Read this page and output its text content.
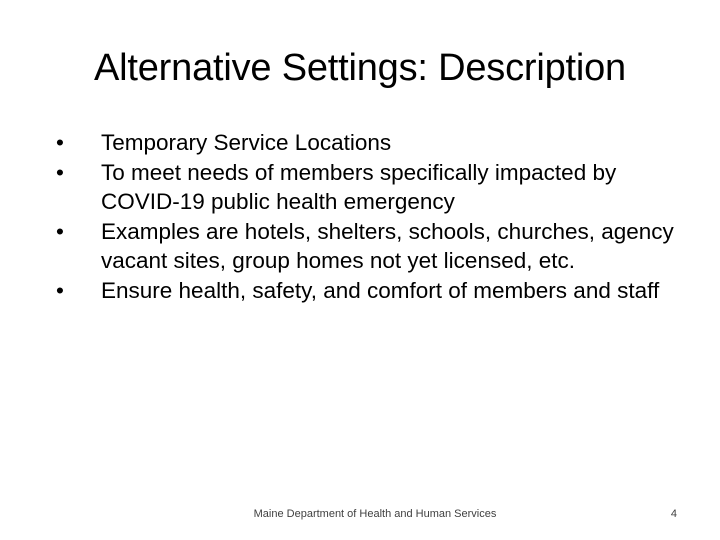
Alternative Settings: Description
•	Temporary Service Locations
•	To meet needs of members specifically impacted by COVID-19 public health emergency
•	Examples are hotels, shelters, schools, churches, agency vacant sites, group homes not yet licensed, etc.
•	Ensure health, safety, and comfort of members and staff
Maine Department of Health and Human Services	4
